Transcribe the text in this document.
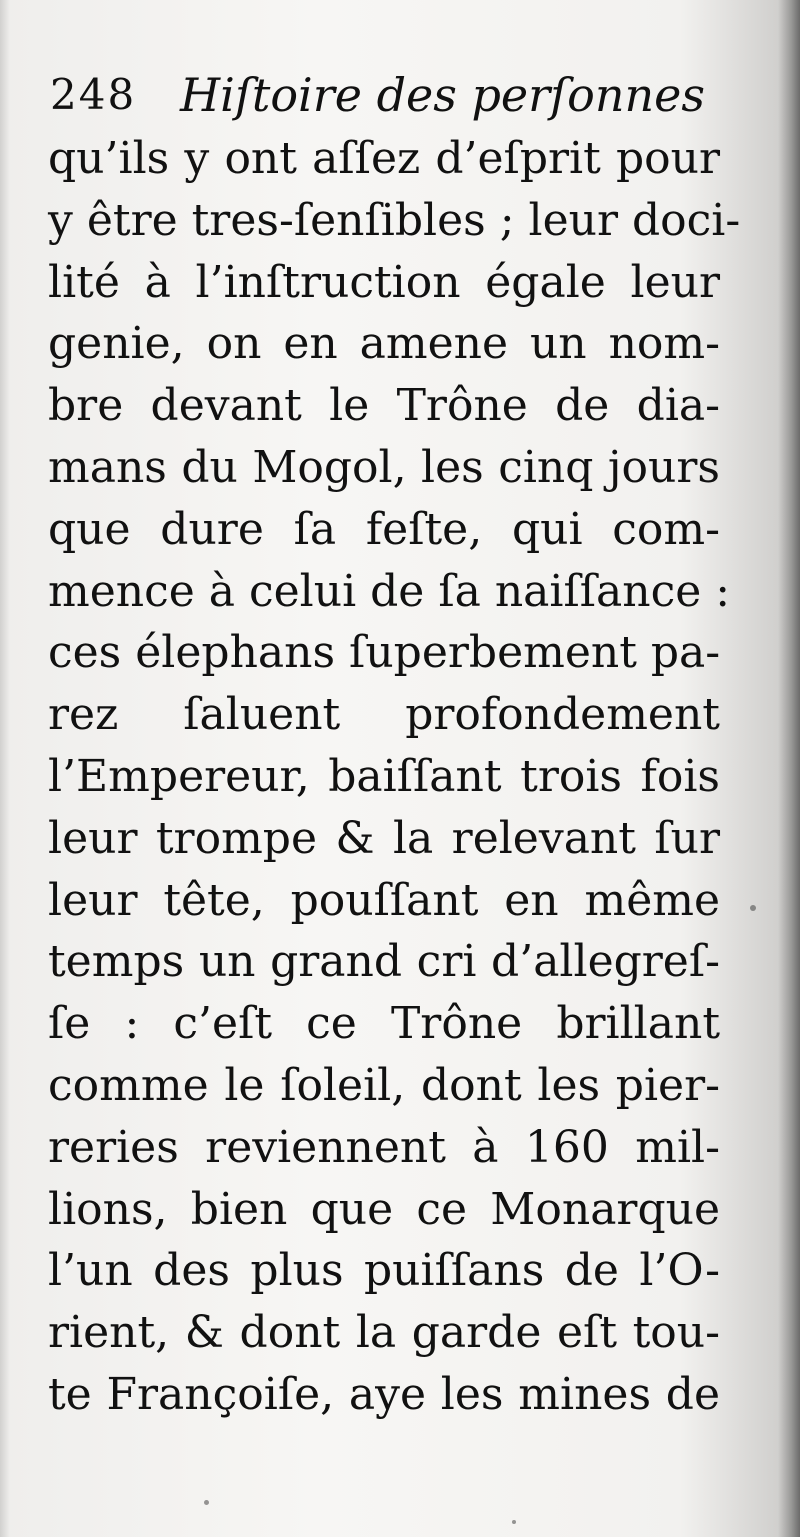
248 Hiſtoire des perſonnes
qu’ils y ont aſſez d’eſprit pour
y être tres-ſenſibles ; leur doci-
lité à l’inſtruction égale leur
genie, on en amene un nom-
bre devant le Trône de dia-
mans du Mogol, les cinq jours
que dure ſa feſte, qui com-
mence à celui de ſa naiſſance :
ces élephans ſuperbement pa-
rez ſaluent profondement
l’Empereur, baiſſant trois fois
leur trompe & la relevant ſur
leur tête, pouſſant en même
temps un grand cri d’allegreſ-
ſe : c’eſt ce Trône brillant
comme le ſoleil, dont les pier-
reries reviennent à 160 mil-
lions, bien que ce Monarque
l’un des plus puiſſans de l’O-
rient, & dont la garde eſt tou-
te Françoiſe, aye les mines de
